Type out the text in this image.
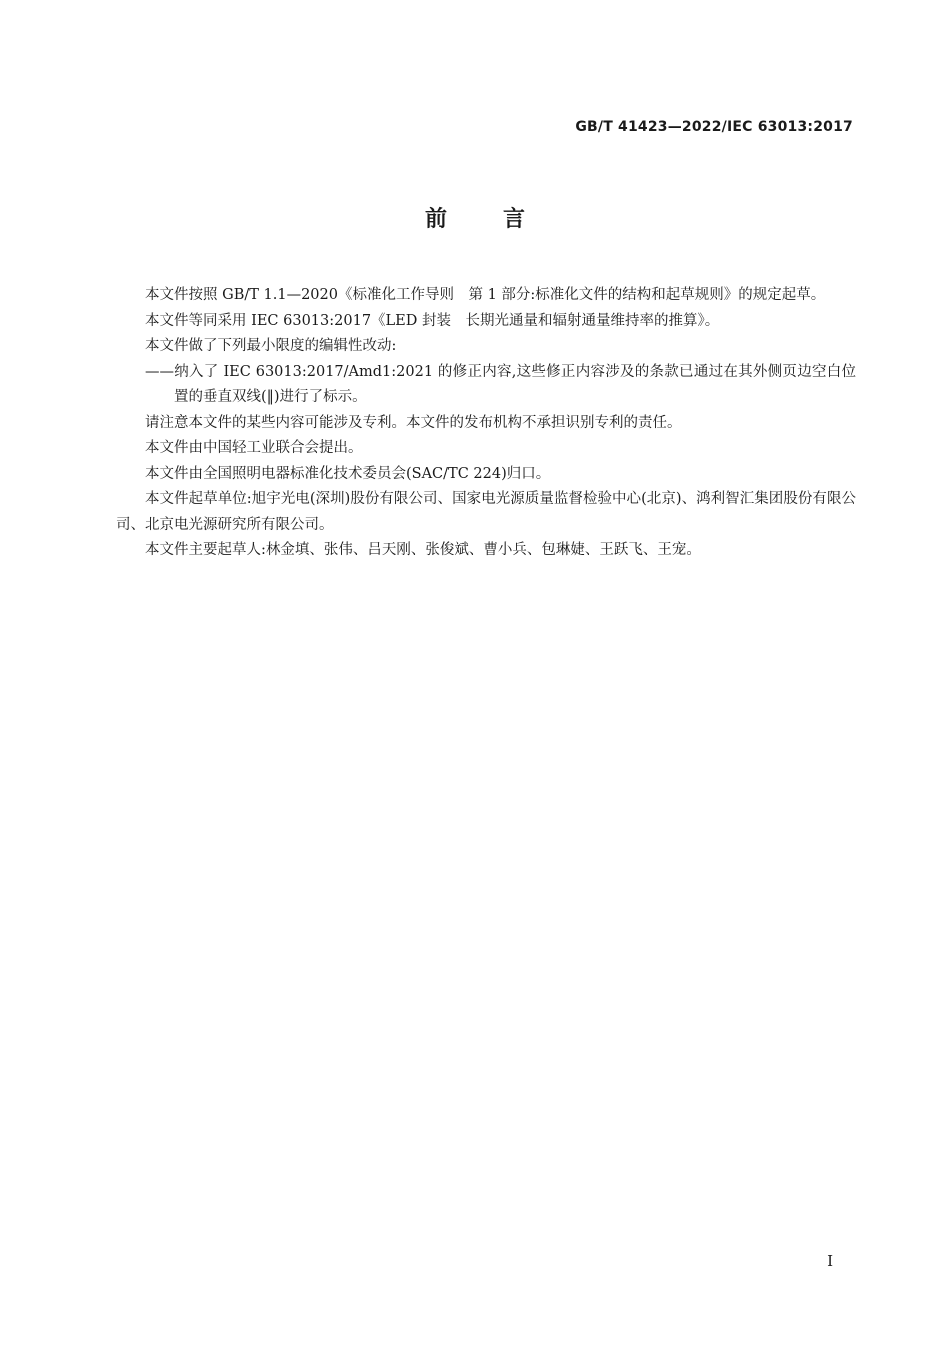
GB/T 41423—2022/IEC 63013:2017
前言

本文件按照 GB/T 1.1—2020《标准化工作导则　第 1 部分:标准化文件的结构和起草规则》的规定起草。

本文件等同采用 IEC 63013:2017《LED 封装　长期光通量和辐射通量维持率的推算》。

本文件做了下列最小限度的编辑性改动:

——纳入了 IEC 63013:2017/Amd1:2021 的修正内容,这些修正内容涉及的条款已通过在其外侧页边空白位置的垂直双线(‖)进行了标示。

请注意本文件的某些内容可能涉及专利。本文件的发布机构不承担识别专利的责任。

本文件由中国轻工业联合会提出。

本文件由全国照明电器标准化技术委员会(SAC/TC 224)归口。

本文件起草单位:旭宇光电(深圳)股份有限公司、国家电光源质量监督检验中心(北京)、鸿利智汇集团股份有限公司、北京电光源研究所有限公司。

本文件主要起草人:林金填、张伟、吕天刚、张俊斌、曹小兵、包琳婕、王跃飞、王宠。

I
